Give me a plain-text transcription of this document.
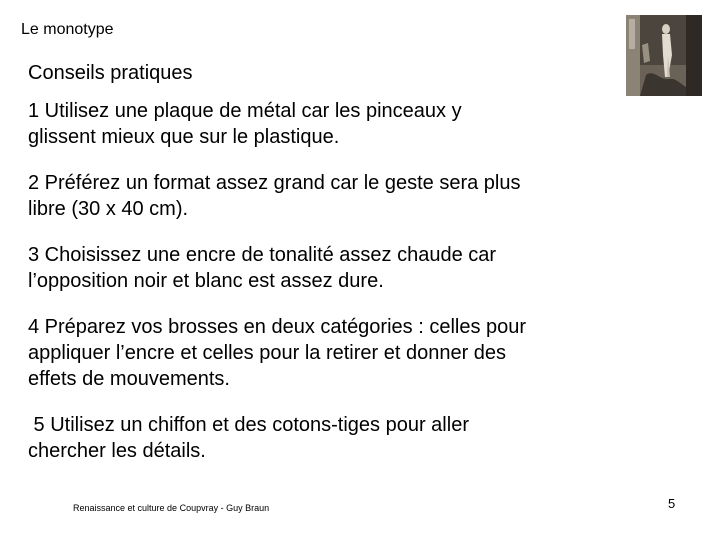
Le monotype
Conseils pratiques
1 Utilisez une plaque de métal car les pinceaux y
glissent mieux que sur le plastique.
2 Préférez un format assez grand car le geste sera plus
libre (30 x 40 cm).
3 Choisissez une encre de tonalité assez chaude car
l’opposition noir et blanc est assez dure.
4 Préparez vos brosses en deux catégories : celles pour
appliquer l’encre et celles pour la retirer et donner des
effets de mouvements.
5 Utilisez un chiffon et des cotons-tiges pour aller
chercher les détails.
Renaissance et culture de Coupvray - Guy Braun	5
